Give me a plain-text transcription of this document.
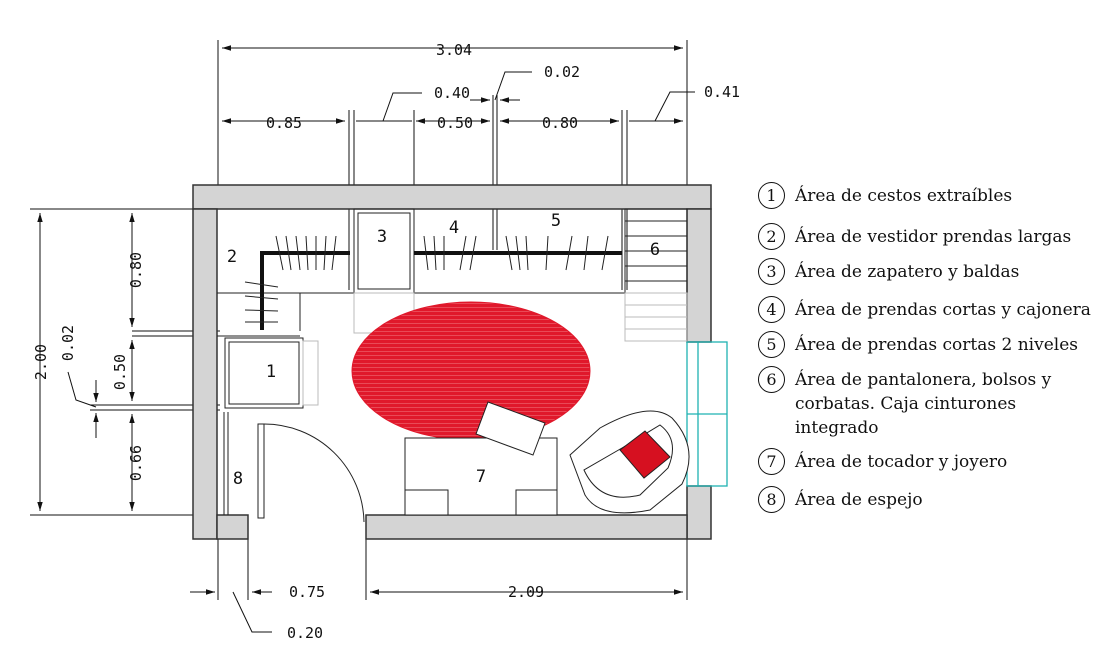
3.04
0.85
0.40
0.50
0.02
0.80
0.41
2.00
0.80
0.02
0.50
0.66
0.75
0.20
2.09
1
2
3	4	5
6
7
8
1	Área de cestos extraíbles
2	Área de vestidor prendas largas
3	Área de zapatero y baldas
4	Área de prendas cortas y cajonera
5	Área de prendas cortas 2 niveles
6	Área de pantalonera, bolsos y corbatas. Caja cinturones integrado
7	Área de tocador y joyero
8	Área de espejo
